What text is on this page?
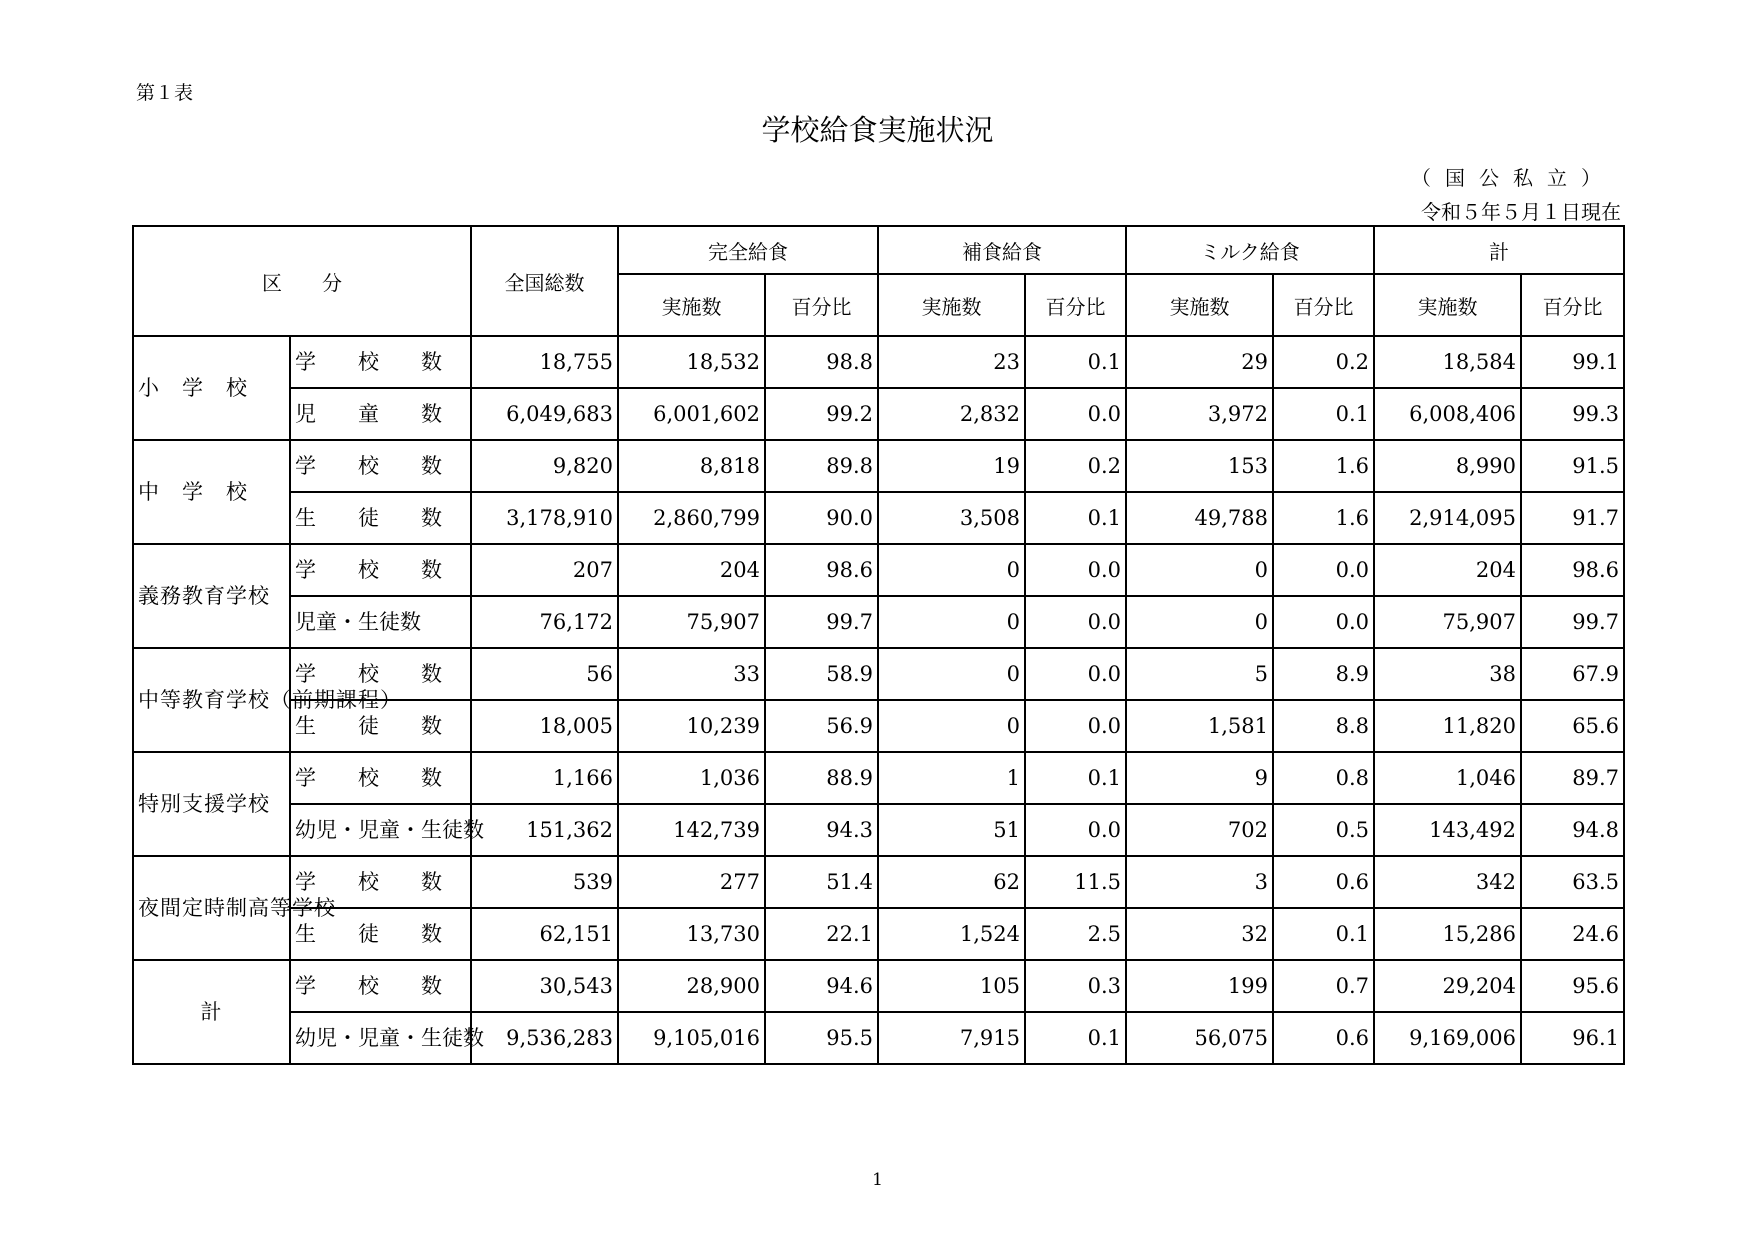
第１表
学校給食実施状況
（国公私立）
令和５年５月１日現在
区　　分		全国総数	完全給食		補食給食		ミルク給食		計	
			実施数	百分比	実施数	百分比	実施数	百分比	実施数	百分比
小　学　校	学　　校　　数	18,755	18,532	98.8	23	0.1	29	0.2	18,584	99.1
	児　　童　　数	6,049,683	6,001,602	99.2	2,832	0.0	3,972	0.1	6,008,406	99.3
中　学　校	学　　校　　数	9,820	8,818	89.8	19	0.2	153	1.6	8,990	91.5
	生　　徒　　数	3,178,910	2,860,799	90.0	3,508	0.1	49,788	1.6	2,914,095	91.7
義務教育学校	学　　校　　数	207	204	98.6	0	0.0	0	0.0	204	98.6
	児童・生徒数	76,172	75,907	99.7	0	0.0	0	0.0	75,907	99.7
中等教育学校（前期課程）	学　　校　　数	56	33	58.9	0	0.0	5	8.9	38	67.9
	生　　徒　　数	18,005	10,239	56.9	0	0.0	1,581	8.8	11,820	65.6
特別支援学校	学　　校　　数	1,166	1,036	88.9	1	0.1	9	0.8	1,046	89.7
	幼児・児童・生徒数	151,362	142,739	94.3	51	0.0	702	0.5	143,492	94.8
夜間定時制高等学校	学　　校　　数	539	277	51.4	62	11.5	3	0.6	342	63.5
	生　　徒　　数	62,151	13,730	22.1	1,524	2.5	32	0.1	15,286	24.6
計	学　　校　　数	30,543	28,900	94.6	105	0.3	199	0.7	29,204	95.6
	幼児・児童・生徒数	9,536,283	9,105,016	95.5	7,915	0.1	56,075	0.6	9,169,006	96.1
1
